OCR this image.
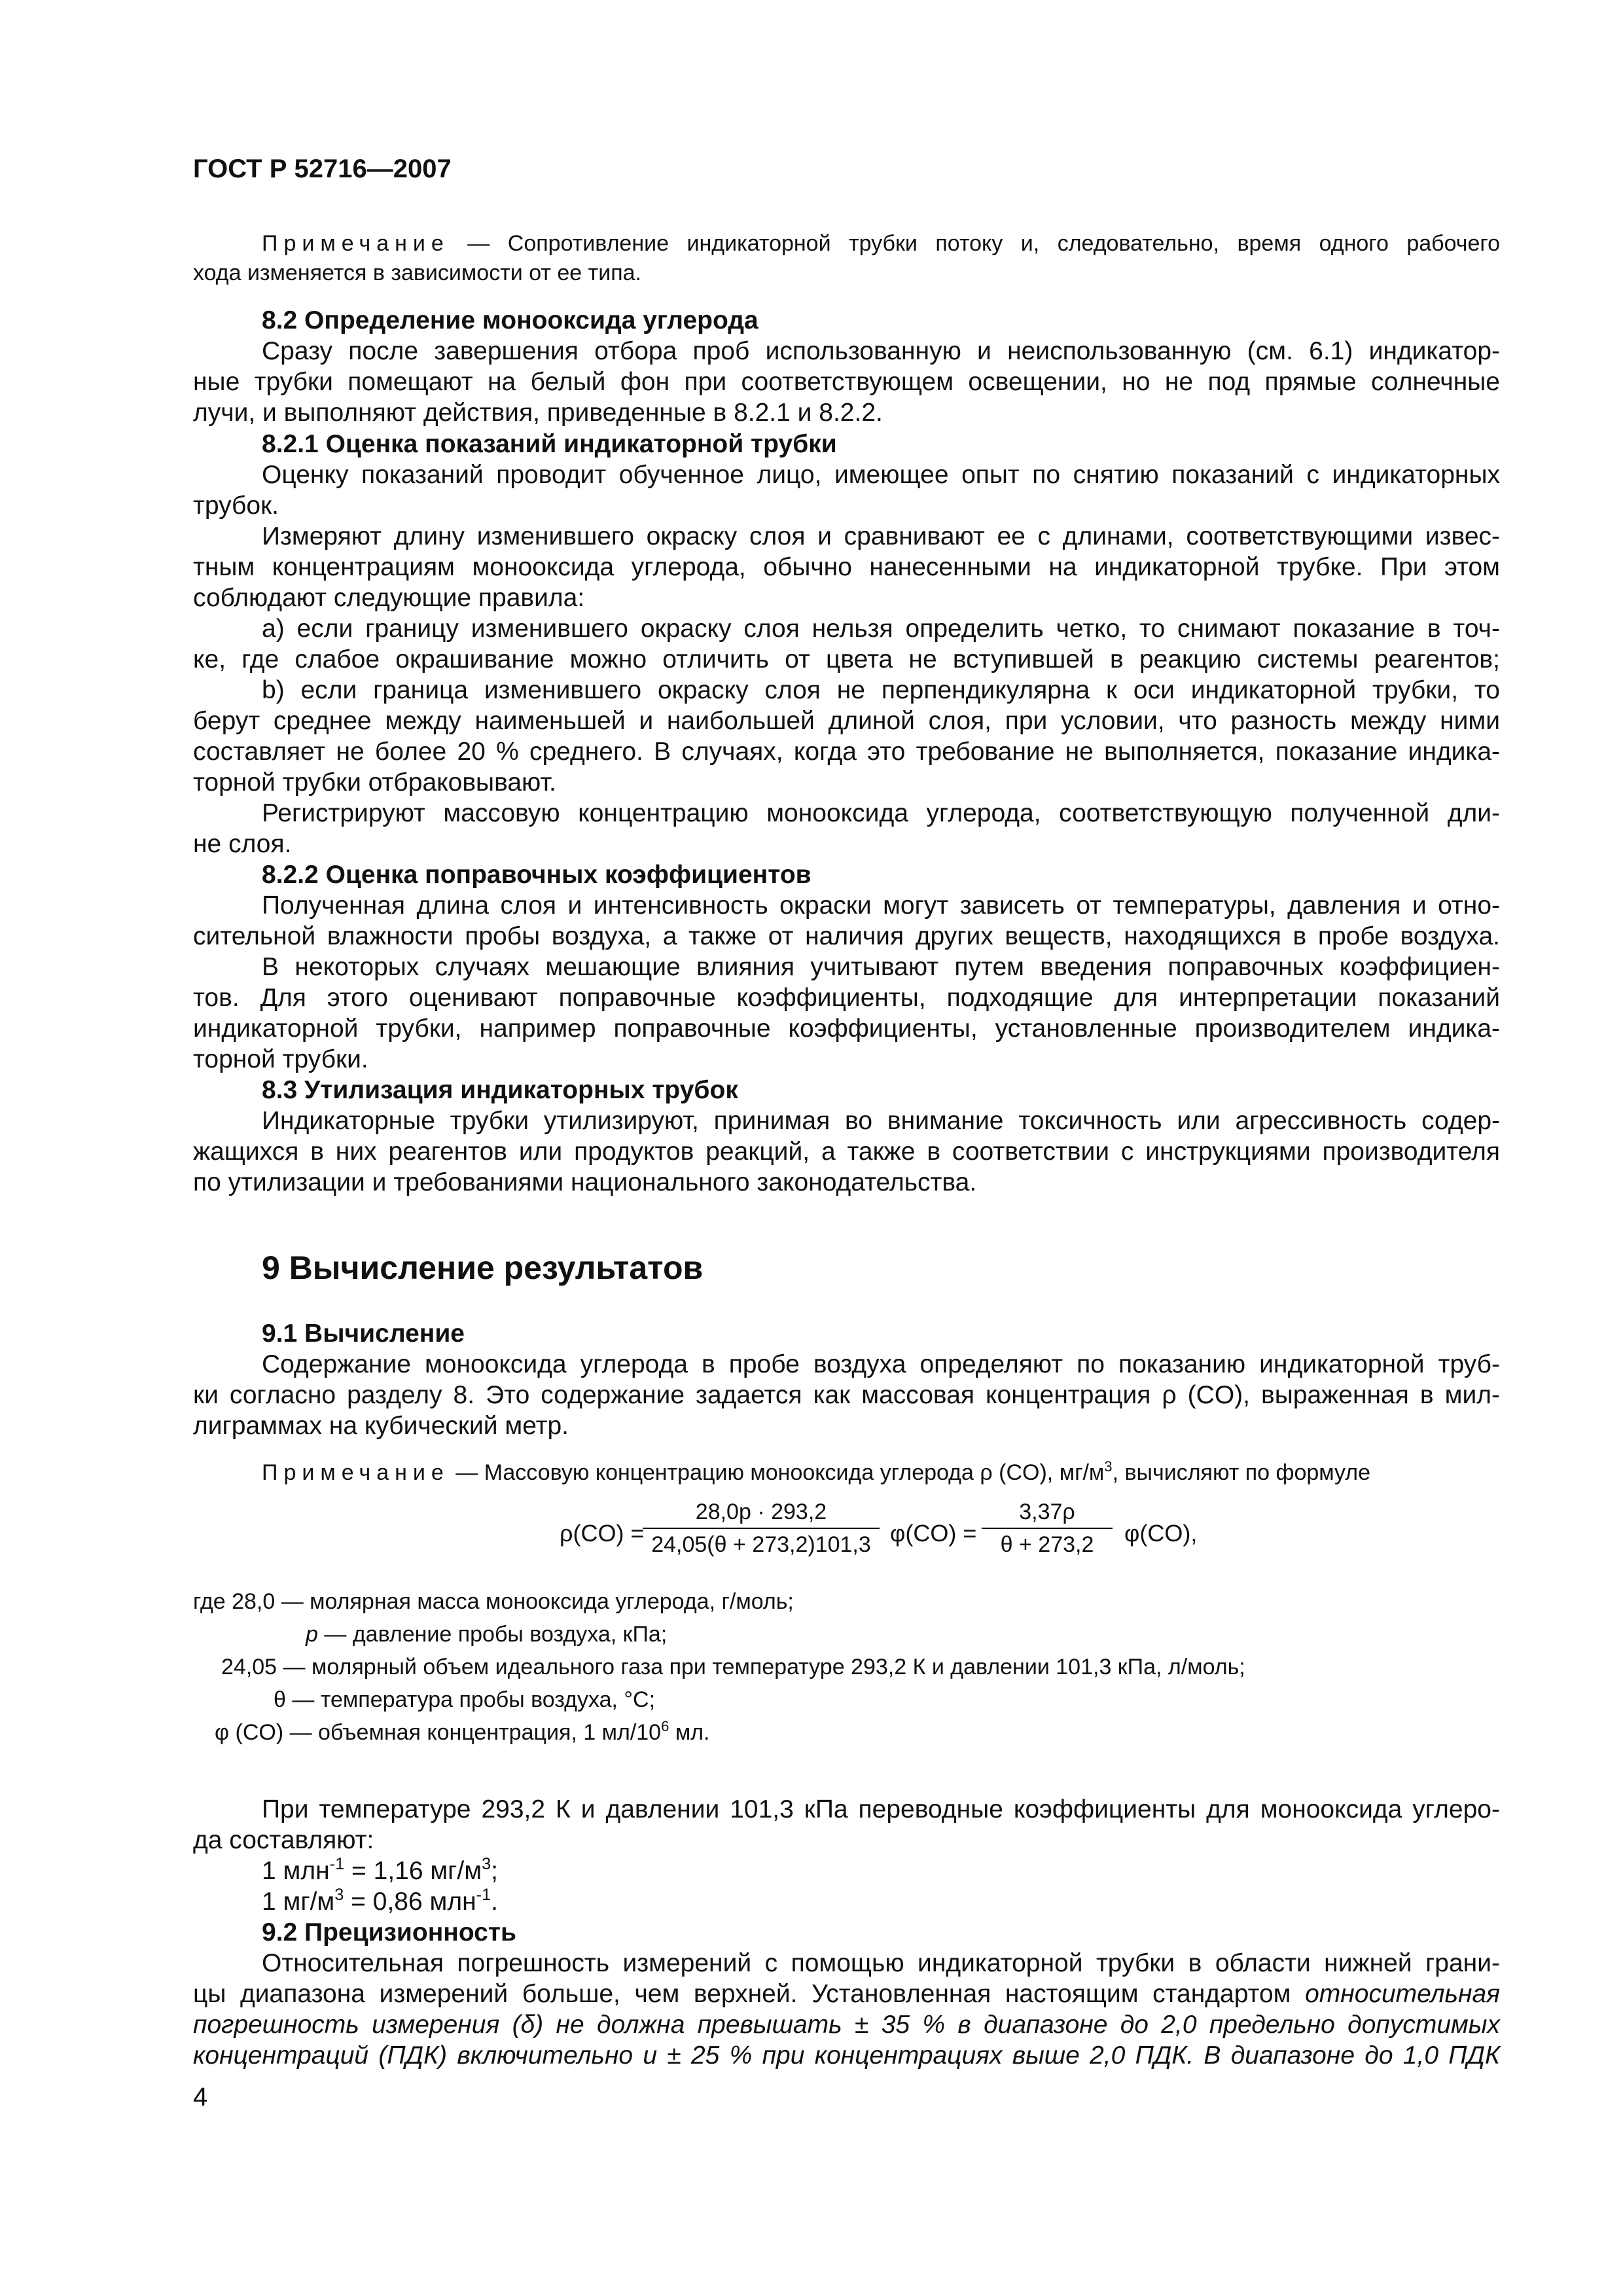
ГОСТ Р 52716—2007
Примечание — Сопротивление индикаторной трубки потоку и, следовательно, время одного рабочего
хода изменяется в зависимости от ее типа.
8.2 Определение монооксида углерода
Сразу после завершения отбора проб использованную и неиспользованную (см. 6.1) индикатор-
ные трубки помещают на белый фон при соответствующем освещении, но не под прямые солнечные
лучи, и выполняют действия, приведенные в 8.2.1 и 8.2.2.
8.2.1 Оценка показаний индикаторной трубки
Оценку показаний проводит обученное лицо, имеющее опыт по снятию показаний с индикаторных
трубок.
Измеряют длину изменившего окраску слоя и сравнивают ее с длинами, соответствующими извес-
тным концентрациям монооксида углерода, обычно нанесенными на индикаторной трубке. При этом
соблюдают следующие правила:
a) если границу изменившего окраску слоя нельзя определить четко, то снимают показание в точ-
ке, где слабое окрашивание можно отличить от цвета не вступившей в реакцию системы реагентов;
b) если граница изменившего окраску слоя не перпендикулярна к оси индикаторной трубки, то
берут среднее между наименьшей и наибольшей длиной слоя, при условии, что разность между ними
составляет не более 20 % среднего. В случаях, когда это требование не выполняется, показание индика-
торной трубки отбраковывают.
Регистрируют массовую концентрацию монооксида углерода, соответствующую полученной дли-
не слоя.
8.2.2 Оценка поправочных коэффициентов
Полученная длина слоя и интенсивность окраски могут зависеть от температуры, давления и отно-
сительной влажности пробы воздуха, а также от наличия других веществ, находящихся в пробе воздуха.
В некоторых случаях мешающие влияния учитывают путем введения поправочных коэффициен-
тов. Для этого оценивают поправочные коэффициенты, подходящие для интерпретации показаний
индикаторной трубки, например поправочные коэффициенты, установленные производителем индика-
торной трубки.
8.3 Утилизация индикаторных трубок
Индикаторные трубки утилизируют, принимая во внимание токсичность или агрессивность содер-
жащихся в них реагентов или продуктов реакций, а также в соответствии с инструкциями производителя
по утилизации и требованиями национального законодательства.
9 Вычисление результатов
9.1 Вычисление
Содержание монооксида углерода в пробе воздуха определяют по показанию индикаторной труб-
ки согласно разделу 8. Это содержание задается как массовая концентрация ρ (CO), выраженная в мил-
лиграммах на кубический метр.
Примечание — Массовую концентрацию монооксида углерода ρ (CO), $мг/м^3$, вычисляют по формуле
ρ(CO) =
28,0p · 293,2
24,05(θ + 273,2)101,3 φ(CO) =
3,37ρ
θ + 273,2	φ(CO),
где 28,0 — молярная масса монооксида углерода, г/моль;
p — давление пробы воздуха, кПа;
24,05 — молярный объем идеального газа при температуре 293,2 К и давлении 101,3 кПа, л/моль;
θ — температура пробы воздуха, °С;
φ (CO) — объемная концентрация, 1 $мл/10^6$ мл.
При температуре 293,2 К и давлении 101,3 кПа переводные коэффициенты для монооксида углеро-
да составляют:
1 млн$^{-1}$ = 1,16 $мг/м^3$;
1 $мг/м^3 = 0,86$ млн$^{-1}$.
9.2 Прецизионность
Относительная погрешность измерений с помощью индикаторной трубки в области нижней грани-
цы диапазона измерений больше, чем верхней. Установленная настоящим стандартом относительная
погрешность измерения (δ) не должна превышать ± 35 % в диапазоне до 2,0 предельно допустимых
концентраций (ПДК) включительно и ± 25 % при концентрациях выше 2,0 ПДК. В диапазоне до 1,0 ПДК
4
